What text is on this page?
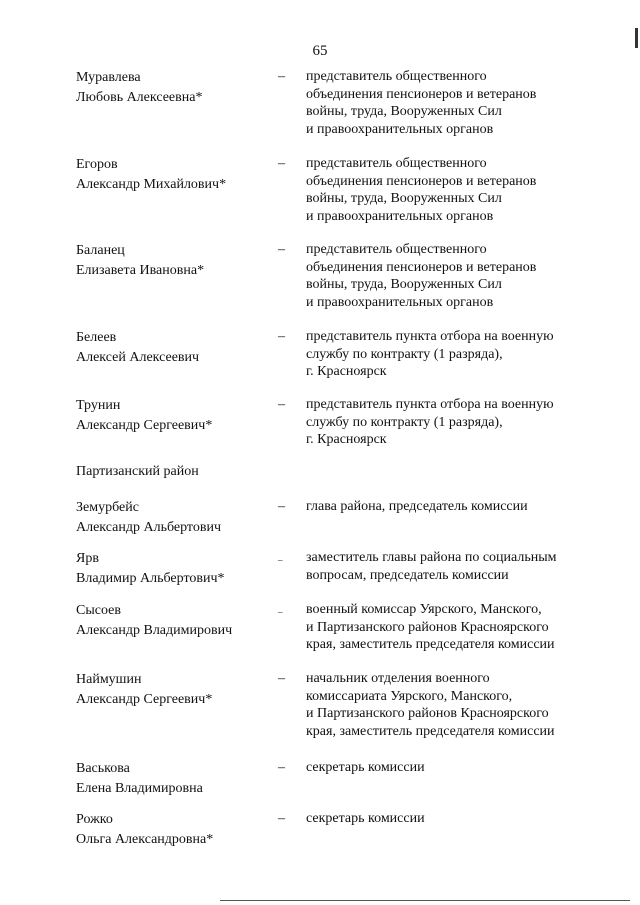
65
Муравлева
Любовь Алексеевна*
–	представитель общественного
объединения пенсионеров и ветеранов
войны, труда, Вооруженных Сил
и правоохранительных органов
Егоров
Александр Михайлович*
–	представитель общественного
объединения пенсионеров и ветеранов
войны, труда, Вооруженных Сил
и правоохранительных органов
Баланец
Елизавета Ивановна*
–	представитель общественного
объединения пенсионеров и ветеранов
войны, труда, Вооруженных Сил
и правоохранительных органов
Белеев
Алексей Алексеевич
–	представитель пункта отбора на военную
службу по контракту (1 разряда),
г. Красноярск
Трунин
Александр Сергеевич*
–	представитель пункта отбора на военную
службу по контракту (1 разряда),
г. Красноярск
Партизанский район
Земурбейс
Александр Альбертович
–	глава района, председатель комиссии
Ярв
Владимир Альбертович*
–	заместитель главы района по социальным
вопросам, председатель комиссии
Сысоев
Александр Владимирович
–	военный комиссар Уярского, Манского,
и Партизанского районов Красноярского
края, заместитель председателя комиссии
Наймушин
Александр Сергеевич*
–	начальник отделения военного
комиссариата Уярского, Манского,
и Партизанского районов Красноярского
края, заместитель председателя комиссии
Васькова
Елена Владимировна
–	секретарь комиссии
Рожко
Ольга Александровна*
–	секретарь комиссии
